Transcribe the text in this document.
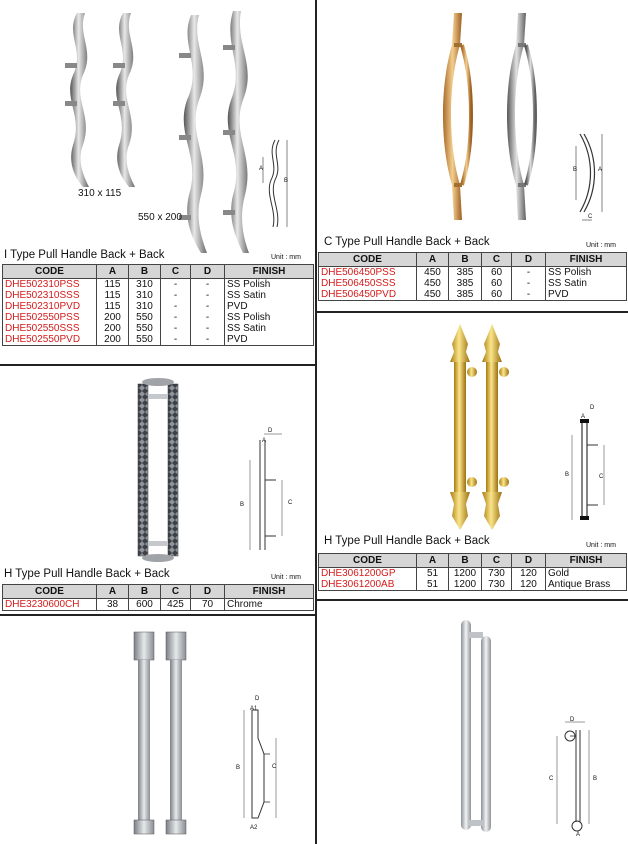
310 x 115
550 x 200
A
B
I Type Pull Handle Back + Back	Unit : mm
CODE	A	B	C	D	FINISH
DHE502310PSS	115	310	-	-	SS Polish
DHE502310SSS	115	310	-	-	SS Satin
DHE502310PVD	115	310	-	-	PVD
DHE502550PSS	200	550	-	-	SS Polish
DHE502550SSS	200	550	-	-	SS Satin
DHE502550PVD	200	550	-	-	PVD
B	A
C
C Type Pull Handle Back + Back	Unit : mm
CODE	A	B	C	D	FINISH
DHE506450PSS	450	385	60	-	SS Polish
DHE506450SSS	450	385	60	-	SS Satin
DHE506450PVD	450	385	60	-	PVD
D
A
B	C
H Type Pull Handle Back + Back	Unit : mm
CODE	A	B	C	D	FINISH
DHE3230600CH	38	600	425	70	Chrome
D
A
B	C
H Type Pull Handle Back + Back	Unit : mm
CODE	A	B	C	D	FINISH
DHE3061200GP	51	1200	730	120	Gold
DHE3061200AB	51	1200	730	120	Antique Brass
D
A1
B	C
A2
D
C	B
A
